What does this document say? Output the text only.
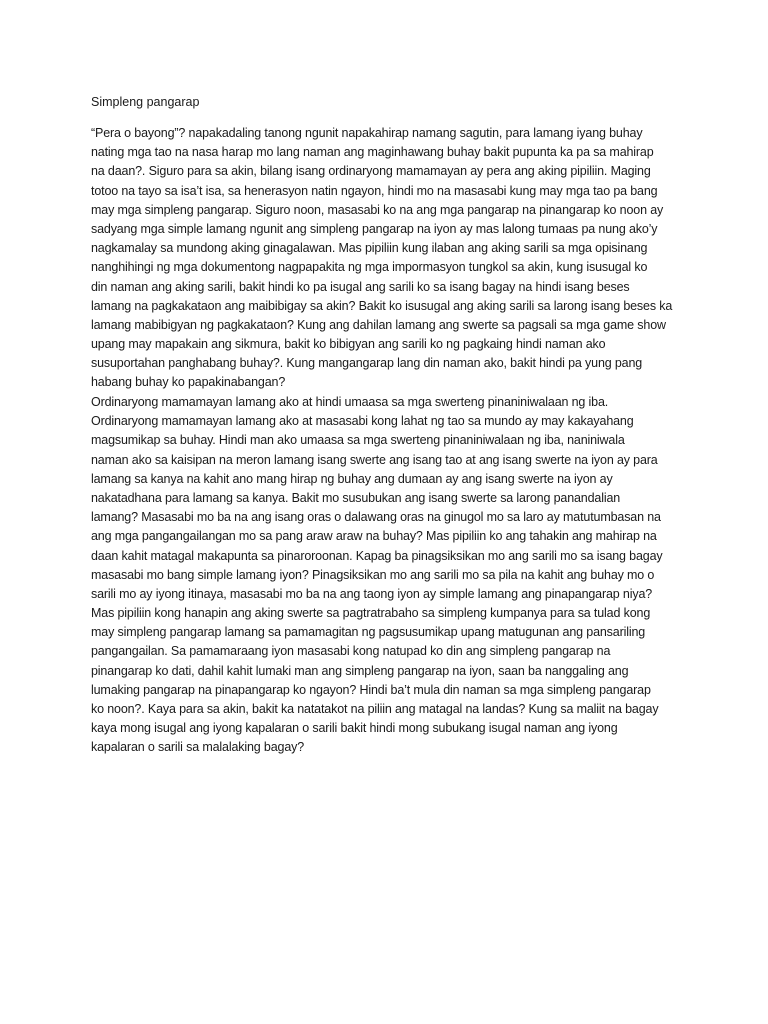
Simpleng pangarap
“Pera o bayong”? napakadaling tanong ngunit napakahirap namang sagutin, para lamang iyang buhay
nating mga tao na nasa harap mo lang naman ang maginhawang buhay bakit pupunta ka pa sa mahirap
na daan?. Siguro para sa akin, bilang isang ordinaryong mamamayan ay pera ang aking pipiliin. Maging
totoo na tayo sa isa’t isa, sa henerasyon natin ngayon, hindi mo na masasabi kung may mga tao pa bang
may mga simpleng pangarap. Siguro noon, masasabi ko na ang mga pangarap na pinangarap ko noon ay
sadyang mga simple lamang ngunit ang simpleng pangarap na iyon ay mas lalong tumaas pa nung ako’y
nagkamalay sa mundong aking ginagalawan. Mas pipiliin kung ilaban ang aking sarili sa mga opisinang
nanghihingi ng mga dokumentong nagpapakita ng mga impormasyon tungkol sa akin, kung isusugal ko
din naman ang aking sarili, bakit hindi ko pa isugal ang sarili ko sa isang bagay na hindi isang beses
lamang na pagkakataon ang maibibigay sa akin? Bakit ko isusugal ang aking sarili sa larong isang beses ka
lamang mabibigyan ng pagkakataon? Kung ang dahilan lamang ang swerte sa pagsali sa mga game show
upang may mapakain ang sikmura, bakit ko bibigyan ang sarili ko ng pagkaing hindi naman ako
susuportahan panghabang buhay?. Kung mangangarap lang din naman ako, bakit hindi pa yung pang
habang buhay ko papakinabangan?
Ordinaryong mamamayan lamang ako at hindi umaasa sa mga swerteng pinaniniwalaan ng iba.
Ordinaryong mamamayan lamang ako at masasabi kong lahat ng tao sa mundo ay may kakayahang
magsumikap sa buhay. Hindi man ako umaasa sa mga swerteng pinaniniwalaan ng iba, naniniwala
naman ako sa kaisipan na meron lamang isang swerte ang isang tao at ang isang swerte na iyon ay para
lamang sa kanya na kahit ano mang hirap ng buhay ang dumaan ay ang isang swerte na iyon ay
nakatadhana para lamang sa kanya. Bakit mo susubukan ang isang swerte sa larong panandalian
lamang? Masasabi mo ba na ang isang oras o dalawang oras na ginugol mo sa laro ay matutumbasan na
ang mga pangangailangan mo sa pang araw araw na buhay? Mas pipiliin ko ang tahakin ang mahirap na
daan kahit matagal makapunta sa pinaroroonan. Kapag ba pinagsiksikan mo ang sarili mo sa isang bagay
masasabi mo bang simple lamang iyon? Pinagsiksikan mo ang sarili mo sa pila na kahit ang buhay mo o
sarili mo ay iyong itinaya, masasabi mo ba na ang taong iyon ay simple lamang ang pinapangarap niya?
Mas pipiliin kong hanapin ang aking swerte sa pagtratrabaho sa simpleng kumpanya para sa tulad kong
may simpleng pangarap lamang sa pamamagitan ng pagsusumikap upang matugunan ang pansariling
pangangailan. Sa pamamaraang iyon masasabi kong natupad ko din ang simpleng pangarap na
pinangarap ko dati, dahil kahit lumaki man ang simpleng pangarap na iyon, saan ba nanggaling ang
lumaking pangarap na pinapangarap ko ngayon? Hindi ba’t mula din naman sa mga simpleng pangarap
ko noon?. Kaya para sa akin, bakit ka natatakot na piliin ang matagal na landas? Kung sa maliit na bagay
kaya mong isugal ang iyong kapalaran o sarili bakit hindi mong subukang isugal naman ang iyong
kapalaran o sarili sa malalaking bagay?
